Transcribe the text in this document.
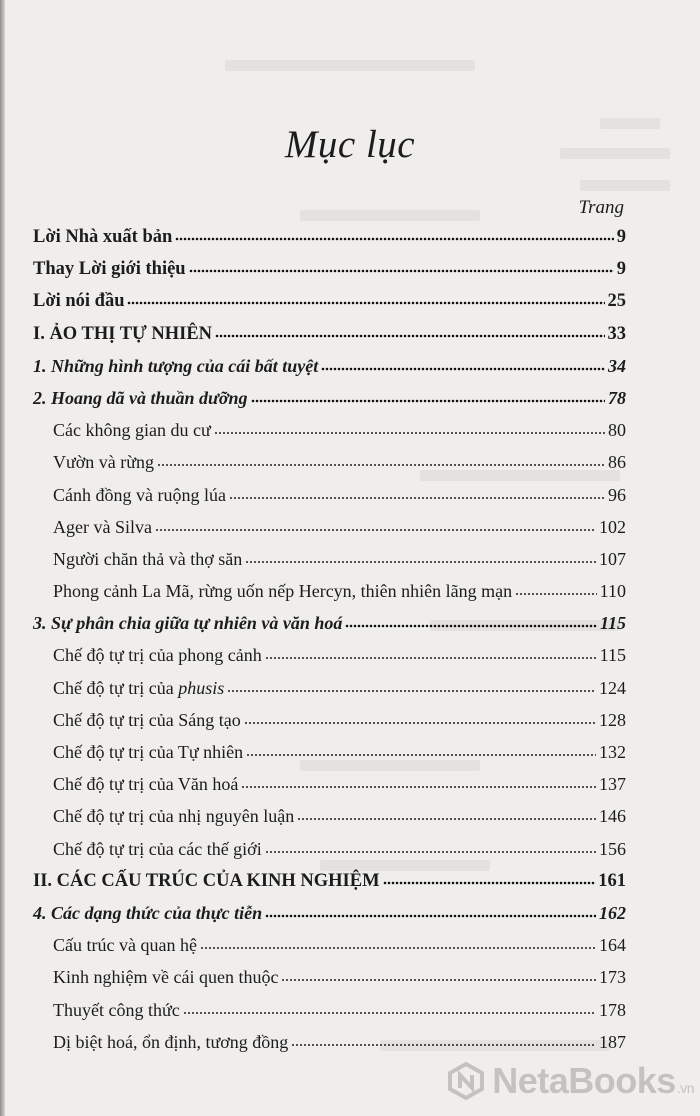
Mục lục
Trang
Lời Nhà xuất bản	9
Thay Lời giới thiệu	9
Lời nói đầu	25
I. ẢO THỊ TỰ NHIÊN	33
1. Những hình tượng của cái bất tuyệt	34
2. Hoang dã và thuần dưỡng	78
Các không gian du cư	80
Vườn và rừng	86
Cánh đồng và ruộng lúa	96
Ager và Silva	102
Người chăn thả và thợ săn	107
Phong cảnh La Mã, rừng uốn nếp Hercyn, thiên nhiên lãng mạn	110
3. Sự phân chia giữa tự nhiên và văn hoá	115
Chế độ tự trị của phong cảnh	115
Chế độ tự trị của phusis	124
Chế độ tự trị của Sáng tạo	128
Chế độ tự trị của Tự nhiên	132
Chế độ tự trị của Văn hoá	137
Chế độ tự trị của nhị nguyên luận	146
Chế độ tự trị của các thế giới	156
II. CÁC CẤU TRÚC CỦA KINH NGHIỆM	161
4. Các dạng thức của thực tiễn	162
Cấu trúc và quan hệ	164
Kinh nghiệm về cái quen thuộc	173
Thuyết công thức	178
Dị biệt hoá, ổn định, tương đồng	187
NetaBooks.vn
